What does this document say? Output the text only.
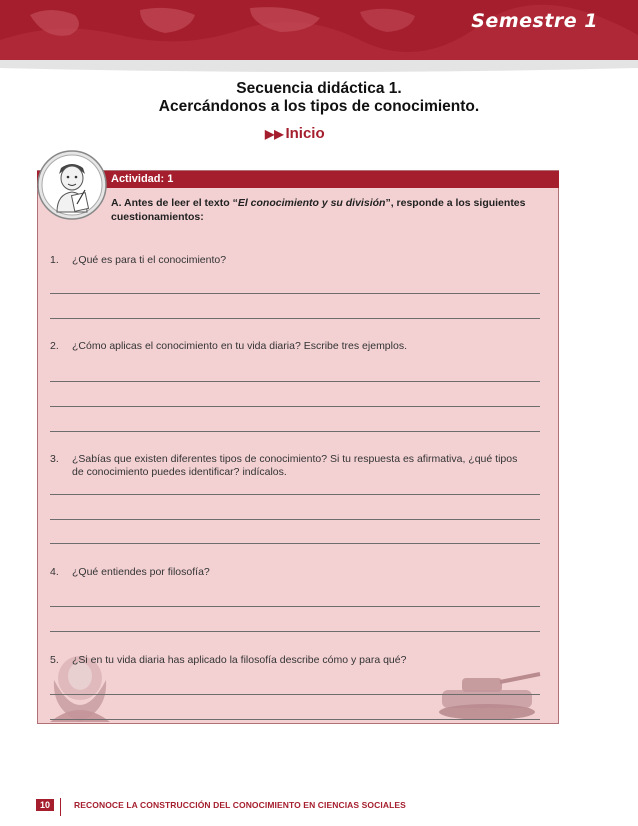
Semestre 1
Secuencia didáctica 1.
Acercándonos a los tipos de conocimiento.
▶▶ Inicio
Actividad: 1
A. Antes de leer el texto “El conocimiento y su división”, responde a los siguientes cuestionamientos:
1. ¿Qué es para ti el conocimiento?
2. ¿Cómo aplicas el conocimiento en tu vida diaria? Escribe tres ejemplos.
3.	¿Sabías que existen diferentes tipos de conocimiento? Si tu respuesta es afirmativa, ¿qué tipos de conocimiento puedes identificar? indícalos.
4. ¿Qué entiendes por filosofía?
5. ¿Si en tu vida diaria has aplicado la filosofía describe cómo y para qué?
10	RECONOCE LA CONSTRUCCIÓN DEL CONOCIMIENTO EN CIENCIAS SOCIALES
